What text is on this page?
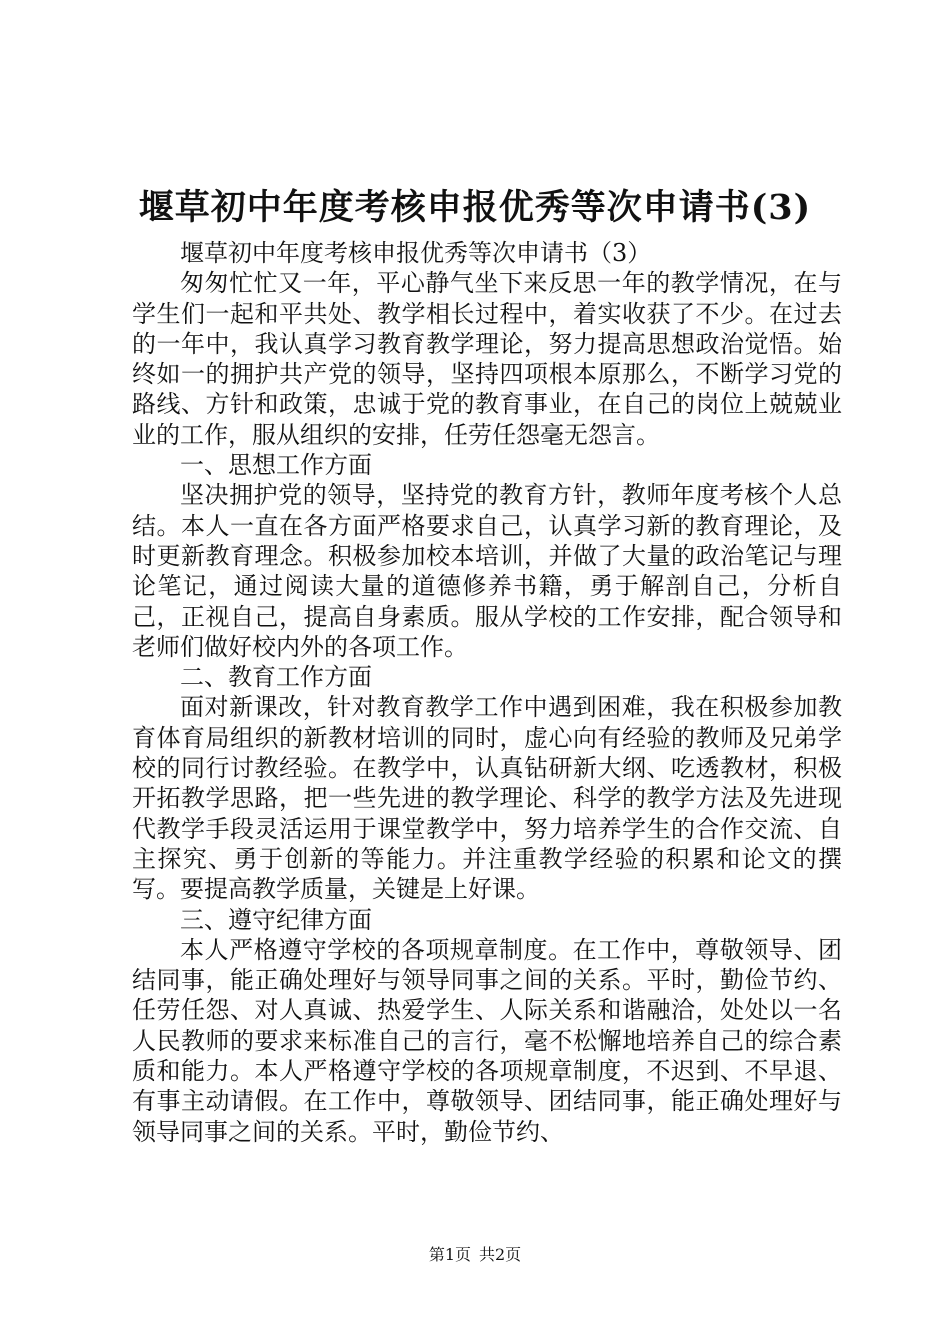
堰草初中年度考核申报优秀等次申请书(3)

堰草初中年度考核申报优秀等次申请书（3）

匆匆忙忙又一年，平心静气坐下来反思一年的教学情况，在与学生们一起和平共处、教学相长过程中，着实收获了不少。在过去的一年中，我认真学习教育教学理论，努力提高思想政治觉悟。始终如一的拥护共产党的领导，坚持四项根本原那么，不断学习党的路线、方针和政策，忠诚于党的教育事业，在自己的岗位上兢兢业业的工作，服从组织的安排，任劳任怨毫无怨言。

一、思想工作方面

坚决拥护党的领导，坚持党的教育方针，教师年度考核个人总结。本人一直在各方面严格要求自己，认真学习新的教育理论，及时更新教育理念。积极参加校本培训，并做了大量的政治笔记与理论笔记，通过阅读大量的道德修养书籍，勇于解剖自己，分析自己，正视自己，提高自身素质。服从学校的工作安排，配合领导和老师们做好校内外的各项工作。

二、教育工作方面

面对新课改，针对教育教学工作中遇到困难，我在积极参加教育体育局组织的新教材培训的同时，虚心向有经验的教师及兄弟学校的同行讨教经验。在教学中，认真钻研新大纲、吃透教材，积极开拓教学思路，把一些先进的教学理论、科学的教学方法及先进现代教学手段灵活运用于课堂教学中，努力培养学生的合作交流、自主探究、勇于创新的等能力。并注重教学经验的积累和论文的撰写。要提高教学质量，关键是上好课。

三、遵守纪律方面

本人严格遵守学校的各项规章制度。在工作中，尊敬领导、团结同事，能正确处理好与领导同事之间的关系。平时，勤俭节约、任劳任怨、对人真诚、热爱学生、人际关系和谐融洽，处处以一名人民教师的要求来标准自己的言行，毫不松懈地培养自己的综合素质和能力。本人严格遵守学校的各项规章制度，不迟到、不早退、有事主动请假。在工作中，尊敬领导、团结同事，能正确处理好与领导同事之间的关系。平时，勤俭节约、

第1页 共2页
